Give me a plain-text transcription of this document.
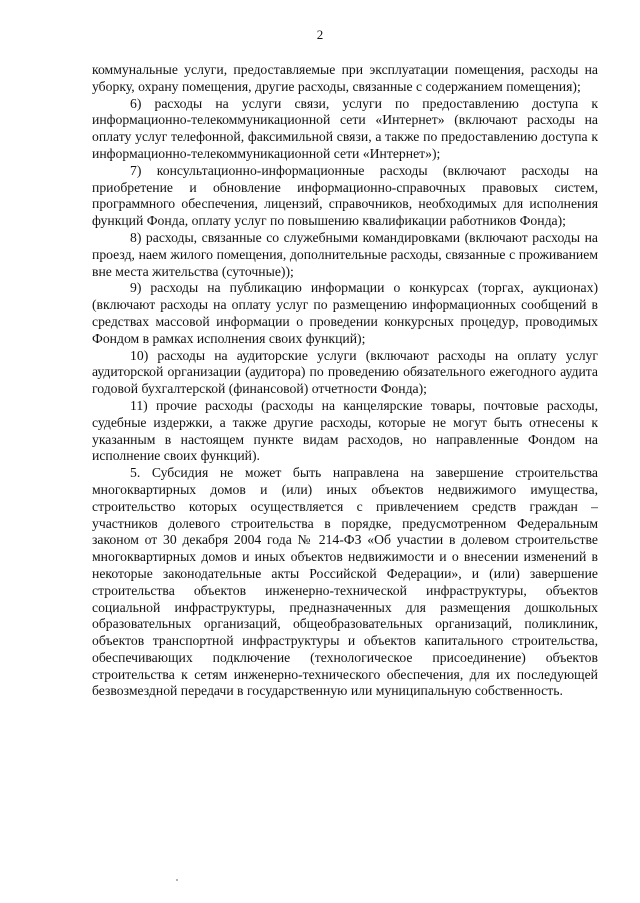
2

коммунальные услуги, предоставляемые при эксплуатации помещения, расходы на уборку, охрану помещения, другие расходы, связанные с содержанием помещения);

6) расходы на услуги связи, услуги по предоставлению доступа к информационно-телекоммуникационной сети «Интернет» (включают расходы на оплату услуг телефонной, факсимильной связи, а также по предоставлению доступа к информационно-телекоммуникационной сети «Интернет»);

7) консультационно-информационные расходы (включают расходы на приобретение и обновление информационно-справочных правовых систем, программного обеспечения, лицензий, справочников, необходимых для исполнения функций Фонда, оплату услуг по повышению квалификации работников Фонда);

8) расходы, связанные со служебными командировками (включают расходы на проезд, наем жилого помещения, дополнительные расходы, связанные с проживанием вне места жительства (суточные));

9) расходы на публикацию информации о конкурсах (торгах, аукционах) (включают расходы на оплату услуг по размещению информационных сообщений в средствах массовой информации о проведении конкурсных процедур, проводимых Фондом в рамках исполнения своих функций);

10) расходы на аудиторские услуги (включают расходы на оплату услуг аудиторской организации (аудитора) по проведению обязательного ежегодного аудита годовой бухгалтерской (финансовой) отчетности Фонда);

11) прочие расходы (расходы на канцелярские товары, почтовые расходы, судебные издержки, а также другие расходы, которые не могут быть отнесены к указанным в настоящем пункте видам расходов, но направленные Фондом на исполнение своих функций).

5. Субсидия не может быть направлена на завершение строительства многоквартирных домов и (или) иных объектов недвижимого имущества, строительство которых осуществляется с привлечением средств граждан – участников долевого строительства в порядке, предусмотренном Федеральным законом от 30 декабря 2004 года № 214-ФЗ «Об участии в долевом строительстве многоквартирных домов и иных объектов недвижимости и о внесении изменений в некоторые законодательные акты Российской Федерации», и (или) завершение строительства объектов инженерно-технической инфраструктуры, объектов социальной инфраструктуры, предназначенных для размещения дошкольных образовательных организаций, общеобразовательных организаций, поликлиник, объектов транспортной инфраструктуры и объектов капитального строительства, обеспечивающих подключение (технологическое присоединение) объектов строительства к сетям инженерно-технического обеспечения, для их последующей безвозмездной передачи в государственную или муниципальную собственность.
